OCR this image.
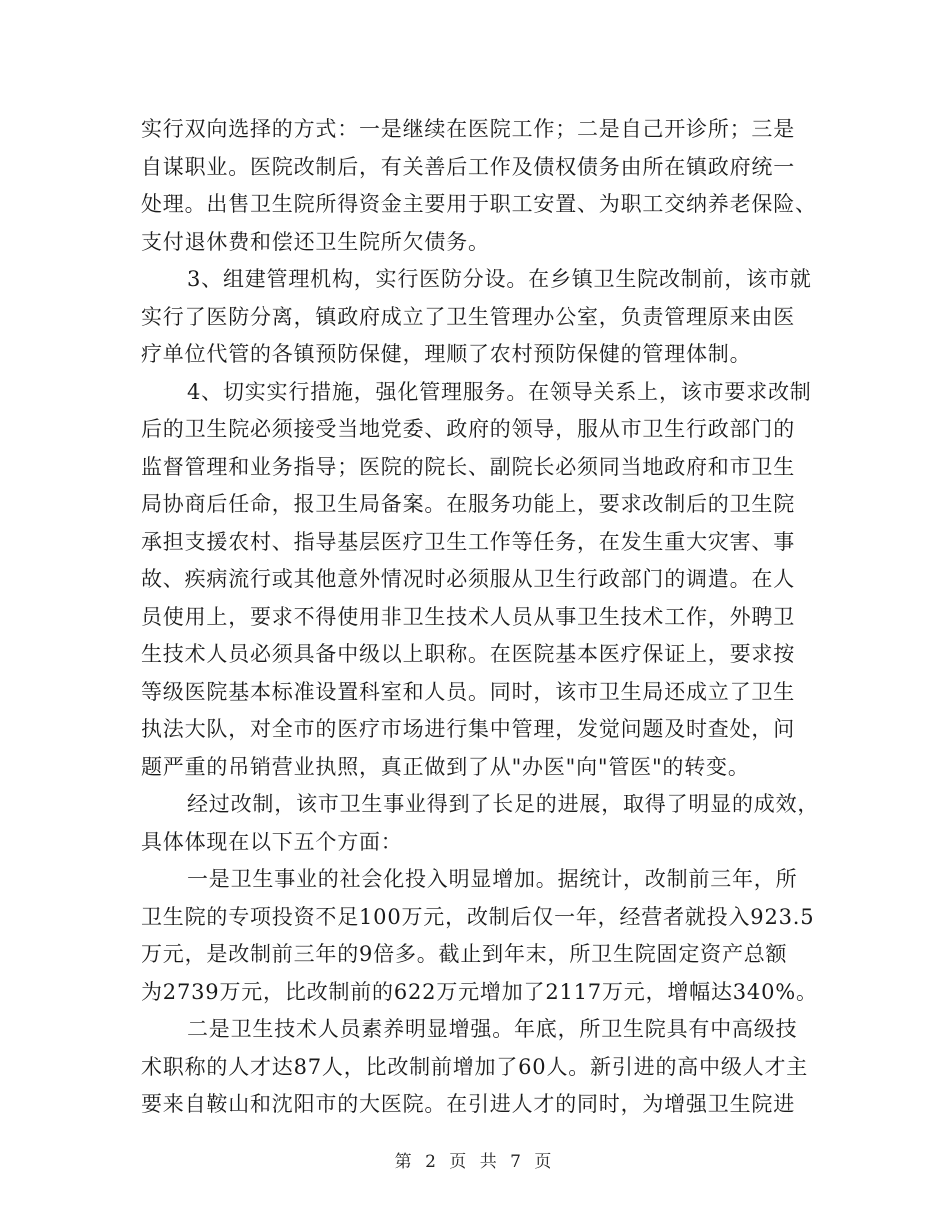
实行双向选择的方式：一是继续在医院工作；二是自己开诊所；三是
自谋职业。医院改制后，有关善后工作及债权债务由所在镇政府统一
处理。出售卫生院所得资金主要用于职工安置、为职工交纳养老保险、
支付退休费和偿还卫生院所欠债务。
3、组建管理机构，实行医防分设。在乡镇卫生院改制前，该市就
实行了医防分离，镇政府成立了卫生管理办公室，负责管理原来由医
疗单位代管的各镇预防保健，理顺了农村预防保健的管理体制。
4、切实实行措施，强化管理服务。在领导关系上，该市要求改制
后的卫生院必须接受当地党委、政府的领导，服从市卫生行政部门的
监督管理和业务指导；医院的院长、副院长必须同当地政府和市卫生
局协商后任命，报卫生局备案。在服务功能上，要求改制后的卫生院
承担支援农村、指导基层医疗卫生工作等任务，在发生重大灾害、事
故、疾病流行或其他意外情况时必须服从卫生行政部门的调遣。在人
员使用上，要求不得使用非卫生技术人员从事卫生技术工作，外聘卫
生技术人员必须具备中级以上职称。在医院基本医疗保证上，要求按
等级医院基本标准设置科室和人员。同时，该市卫生局还成立了卫生
执法大队，对全市的医疗市场进行集中管理，发觉问题及时查处，问
题严重的吊销营业执照，真正做到了从"办医"向"管医"的转变。
经过改制，该市卫生事业得到了长足的进展，取得了明显的成效，
具体体现在以下五个方面：
一是卫生事业的社会化投入明显增加。据统计，改制前三年，所
卫生院的专项投资不足100万元，改制后仅一年，经营者就投入923.5
万元，是改制前三年的9倍多。截止到年末，所卫生院固定资产总额
为2739万元，比改制前的622万元增加了2117万元，增幅达340%。
二是卫生技术人员素养明显增强。年底，所卫生院具有中高级技
术职称的人才达87人，比改制前增加了60人。新引进的高中级人才主
要来自鞍山和沈阳市的大医院。在引进人才的同时，为增强卫生院进
第 2 页 共 7 页
